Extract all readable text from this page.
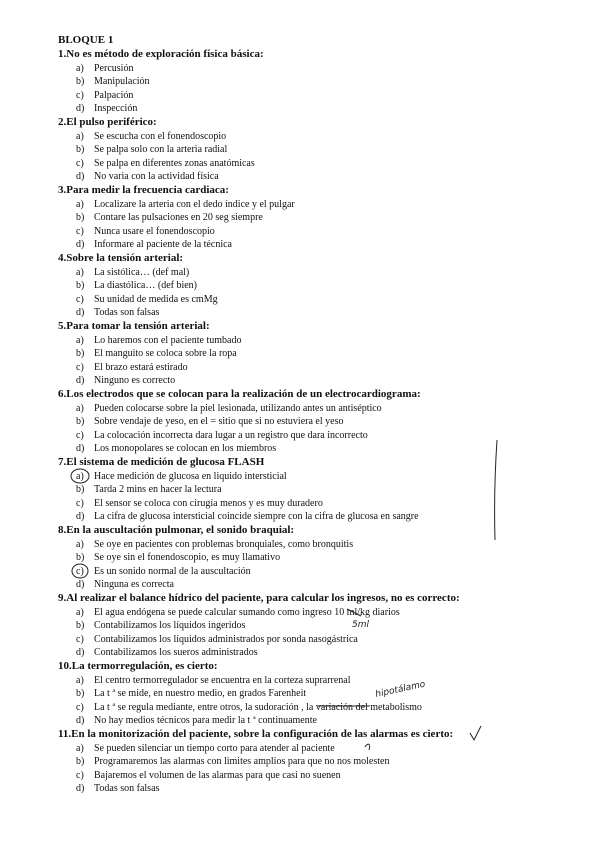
BLOQUE 1
1.No es método de exploración física básica:
a) Percusión
b) Manipulación
c) Palpación
d) Inspección
2.El pulso periférico:
a) Se escucha con el fonendoscopio
b) Se palpa solo con la arteria radial
c) Se palpa en diferentes zonas anatómicas
d) No varia con la actividad física
3.Para medir la frecuencia cardiaca:
a) Localizare la arteria con el dedo índice y el pulgar
b) Contare las pulsaciones en 20 seg siempre
c) Nunca usare el fonendoscopio
d) Informare al paciente de la técnica
4.Sobre la tensión arterial:
a) La sistólica… (def mal)
b) La diastólica… (def bien)
c) Su unidad de medida es cmMg
d) Todas son falsas
5.Para tomar la tensión arterial:
a) Lo haremos con el paciente tumbado
b) El manguito se coloca sobre la ropa
c) El brazo estará estirado
d) Ninguno es correcto
6.Los electrodos que se colocan para la realización de un electrocardiograma:
a) Pueden colocarse sobre la piel lesionada, utilizando antes un antiséptico
b) Sobre vendaje de yeso, en el = sitio que si no estuviera el yeso
c) La colocación incorrecta dara lugar a un registro que dara incorrecto
d) Los monopolares se colocan en los miembros
7.El sistema de medición de glucosa FLASH
a) Hace medición de glucosa en liquido intersticial
b) Tarda 2 mins en hacer la lectura
c) El sensor se coloca con cirugía menos y es muy duradero
d) La cifra de glucosa intersticial coincide siempre con la cifra de glucosa en sangre
8.En la auscultación pulmonar, el sonido braquial:
a) Se oye en pacientes con problemas bronquiales, como bronquitis
b) Se oye sin el fonendoscopio, es muy llamativo
c) Es un sonido normal de la auscultación
d) Ninguna es correcta
9.Al realizar el balance hídrico del paciente, para calcular los ingresos, no es correcto:
a) El agua endógena se puede calcular sumando como ingreso 10 ml/kg diarios
b) Contabilizamos los líquidos ingeridos
c) Contabilizamos los líquidos administrados por sonda nasogástrica
d) Contabilizamos los sueros administrados
10.La termorregulación, es cierto:
a) El centro termorregulador se encuentra en la corteza suprarrenal
b) La t ª se mide, en nuestro medio, en grados Farenheit
c) La t ª se regula mediante, entre otros, la sudoración , la variación del metabolismo
d) No hay medios técnicos para medir la t ª continuamente
11.En la monitorización del paciente, sobre la configuración de las alarmas es cierto:
a) Se pueden silenciar un tiempo corto para atender al paciente
b) Programaremos las alarmas con limites amplios para que no nos molesten
c) Bajaremos el volumen de las alarmas para que casi no suenen
d) Todas son falsas
5ml
hipotálamo
